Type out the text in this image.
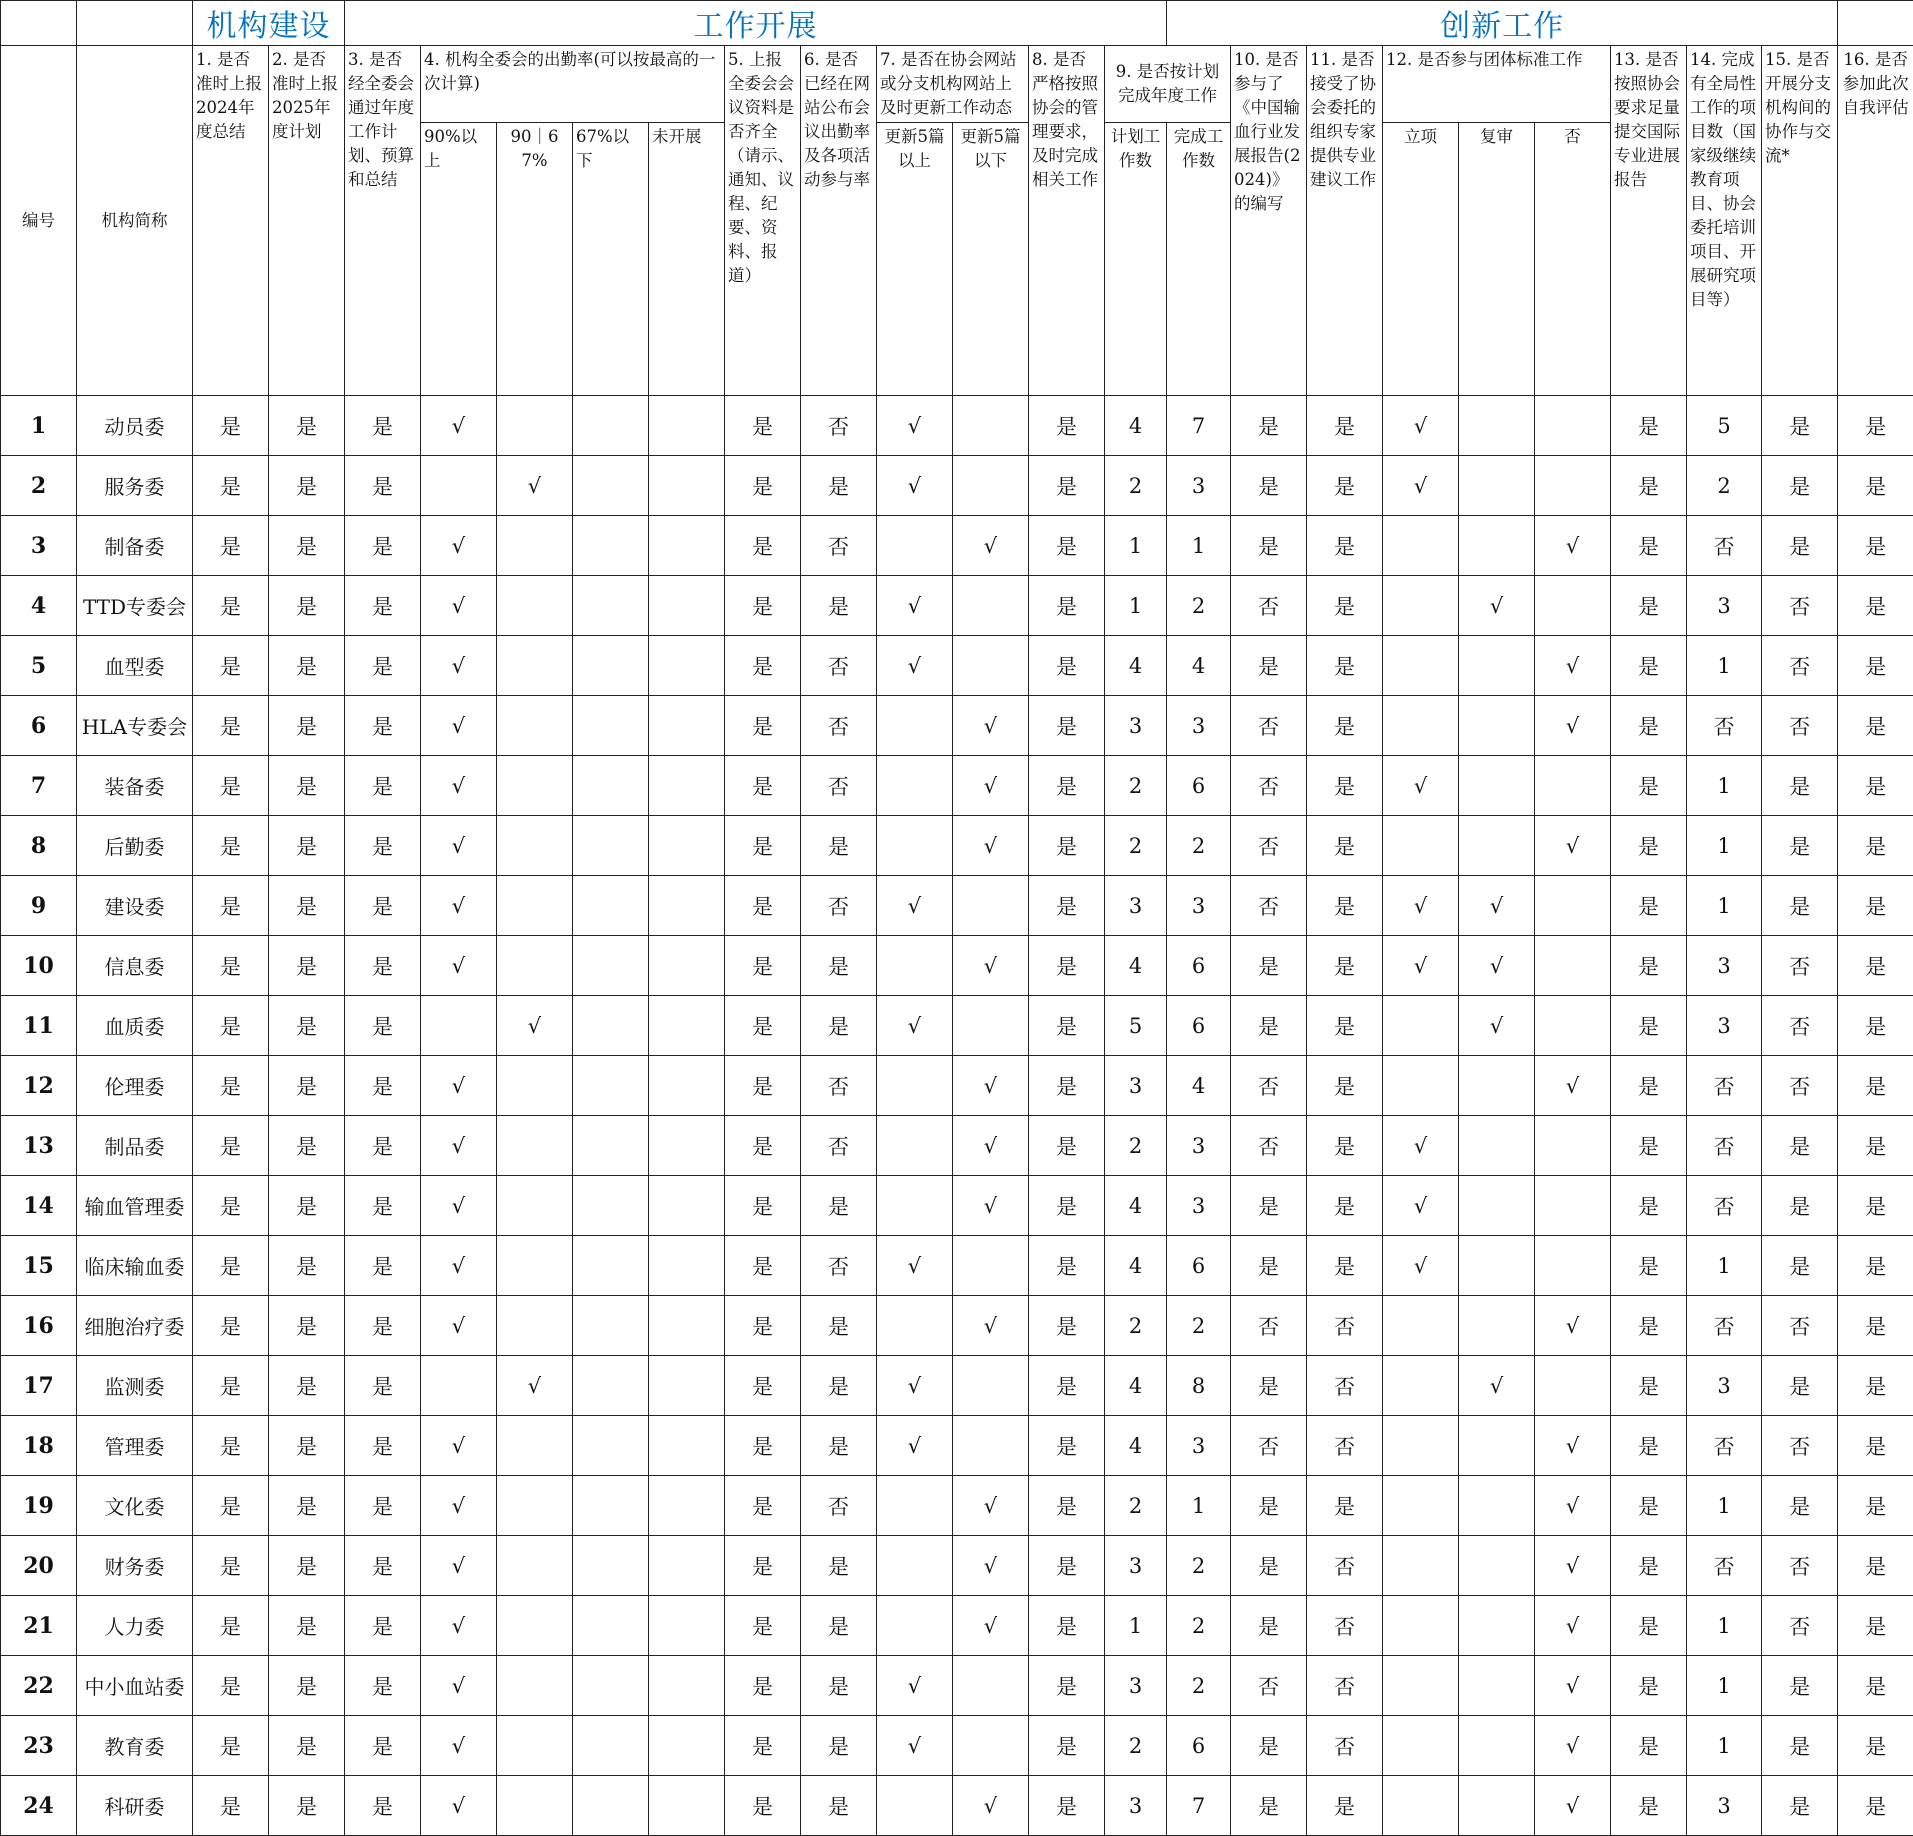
		机构建设		工作开展											创新工作									
编号	机构简称	1. 是否准时上报2024年度总结	2. 是否准时上报2025年度计划	3. 是否经全委会通过年度工作计划、预算和总结	4. 机构全委会的出勤率(可以按最高的一次计算)				5. 上报全委会会议资料是否齐全（请示、通知、议程、纪要、资料、报道）	6. 是否已经在网站公布会议出勤率及各项活动参与率	7. 是否在协会网站或分支机构网站上及时更新工作动态		8. 是否严格按照协会的管理要求，及时完成相关工作	9. 是否按计划完成年度工作		10. 是否参与了《中国输血行业发展报告(2024)》的编写	11. 是否接受了协会委托的组织专家提供专业建议工作	12. 是否参与团体标准工作			13. 是否按照协会要求足量提交国际专业进展报告	14. 完成有全局性工作的项目数（国家级继续教育项目、协会委托培训项目、开展研究项目等）	15. 是否开展分支机构间的协作与交流*	16. 是否参加此次自我评估
					90%以上	90｜67%	67%以下	未开展			更新5篇以上	更新5篇以下		计划工作数	完成工作数			立项	复审	否				
1	动员委	是	是	是	√				是	否	√		是	4	7	是	是	√			是	5	是	是
2	服务委	是	是	是		√			是	是	√		是	2	3	是	是	√			是	2	是	是
3	制备委	是	是	是	√				是	否		√	是	1	1	是	是			√	是	否	是	是
4	TTD专委会	是	是	是	√				是	是	√		是	1	2	否	是		√		是	3	否	是
5	血型委	是	是	是	√				是	否	√		是	4	4	是	是			√	是	1	否	是
6	HLA专委会	是	是	是	√				是	否		√	是	3	3	否	是			√	是	否	否	是
7	装备委	是	是	是	√				是	否		√	是	2	6	否	是	√			是	1	是	是
8	后勤委	是	是	是	√				是	是		√	是	2	2	否	是			√	是	1	是	是
9	建设委	是	是	是	√				是	否	√		是	3	3	否	是	√	√		是	1	是	是
10	信息委	是	是	是	√				是	是		√	是	4	6	是	是	√	√		是	3	否	是
11	血质委	是	是	是		√			是	是	√		是	5	6	是	是		√		是	3	否	是
12	伦理委	是	是	是	√				是	否		√	是	3	4	否	是			√	是	否	否	是
13	制品委	是	是	是	√				是	否		√	是	2	3	否	是	√			是	否	是	是
14	输血管理委	是	是	是	√				是	是		√	是	4	3	是	是	√			是	否	是	是
15	临床输血委	是	是	是	√				是	否	√		是	4	6	是	是	√			是	1	是	是
16	细胞治疗委	是	是	是	√				是	是		√	是	2	2	否	否			√	是	否	否	是
17	监测委	是	是	是		√			是	是	√		是	4	8	是	否		√		是	3	是	是
18	管理委	是	是	是	√				是	是	√		是	4	3	否	否			√	是	否	否	是
19	文化委	是	是	是	√				是	否		√	是	2	1	是	是			√	是	1	是	是
20	财务委	是	是	是	√				是	是		√	是	3	2	是	否			√	是	否	否	是
21	人力委	是	是	是	√				是	是		√	是	1	2	是	否			√	是	1	否	是
22	中小血站委	是	是	是	√				是	是	√		是	3	2	否	否			√	是	1	是	是
23	教育委	是	是	是	√				是	是	√		是	2	6	是	否			√	是	1	是	是
24	科研委	是	是	是	√				是	是		√	是	3	7	是	是			√	是	3	是	是
